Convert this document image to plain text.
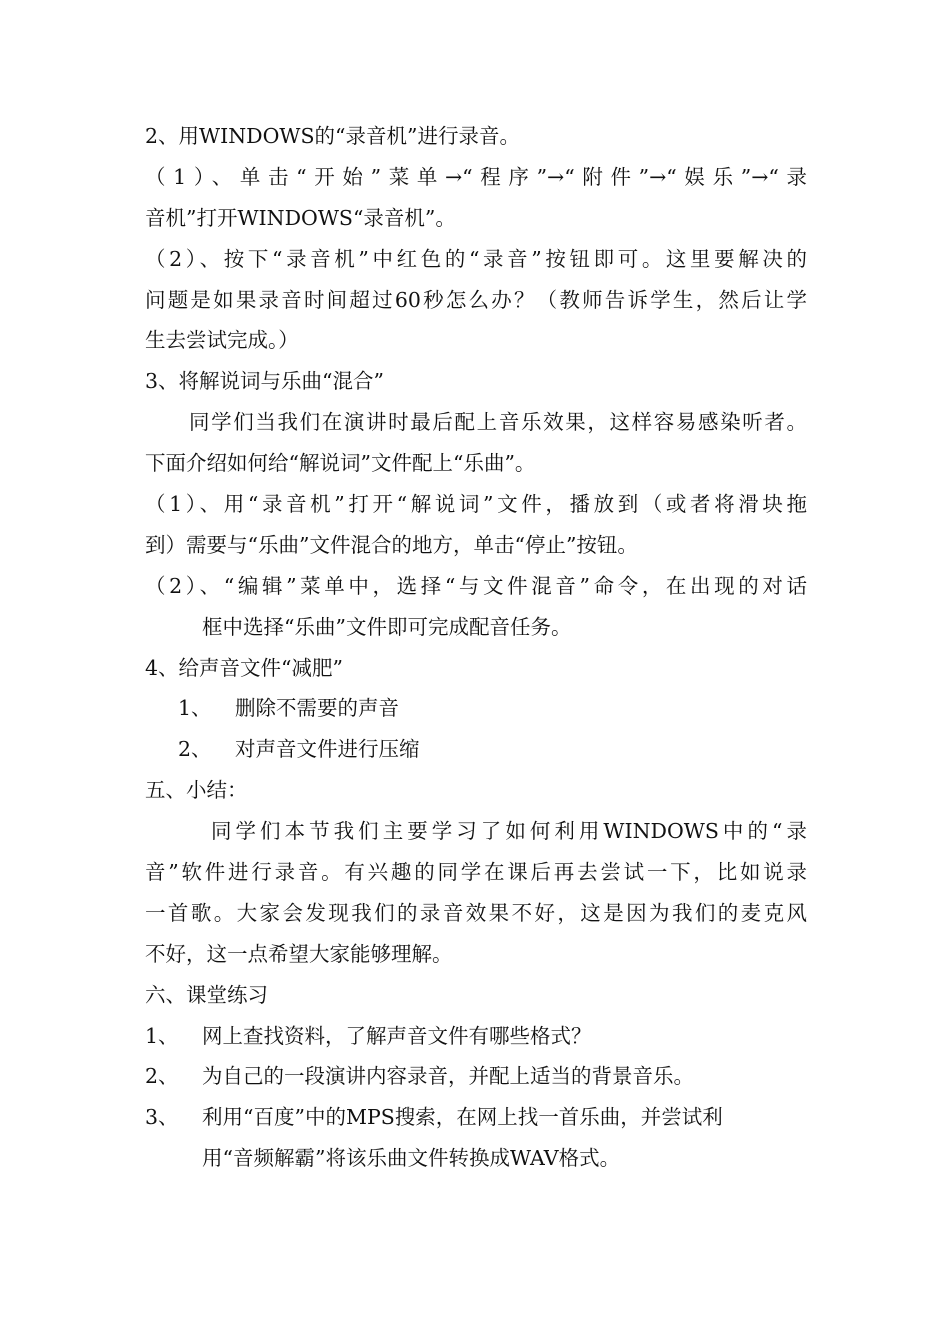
2、用WINDOWS的“录音机”进行录音。
（1）、单击“开始”菜单→“程序”→“附件”→“娱乐”→“录
音机”打开WINDOWS“录音机”。
（2）、按下“录音机”中红色的“录音”按钮即可。这里要解决的
问题是如果录音时间超过60秒怎么办？（教师告诉学生，然后让学
生去尝试完成。）
3、将解说词与乐曲“混合”
同学们当我们在演讲时最后配上音乐效果，这样容易感染听者。
下面介绍如何给“解说词”文件配上“乐曲”。
（1）、用“录音机”打开“解说词”文件，播放到（或者将滑块拖
到）需要与“乐曲”文件混合的地方，单击“停止”按钮。
（2）、“编辑”菜单中，选择“与文件混音”命令，在出现的对话
框中选择“乐曲”文件即可完成配音任务。
4、给声音文件“减肥”
1、 删除不需要的声音
2、 对声音文件进行压缩
五、小结：
同学们本节我们主要学习了如何利用WINDOWS中的“录
音”软件进行录音。有兴趣的同学在课后再去尝试一下，比如说录
一首歌。大家会发现我们的录音效果不好，这是因为我们的麦克风
不好，这一点希望大家能够理解。
六、课堂练习
1、 网上查找资料，了解声音文件有哪些格式？
2、 为自己的一段演讲内容录音，并配上适当的背景音乐。
3、 利用“百度”中的MPS搜索，在网上找一首乐曲，并尝试利
用“音频解霸”将该乐曲文件转换成WAV格式。
